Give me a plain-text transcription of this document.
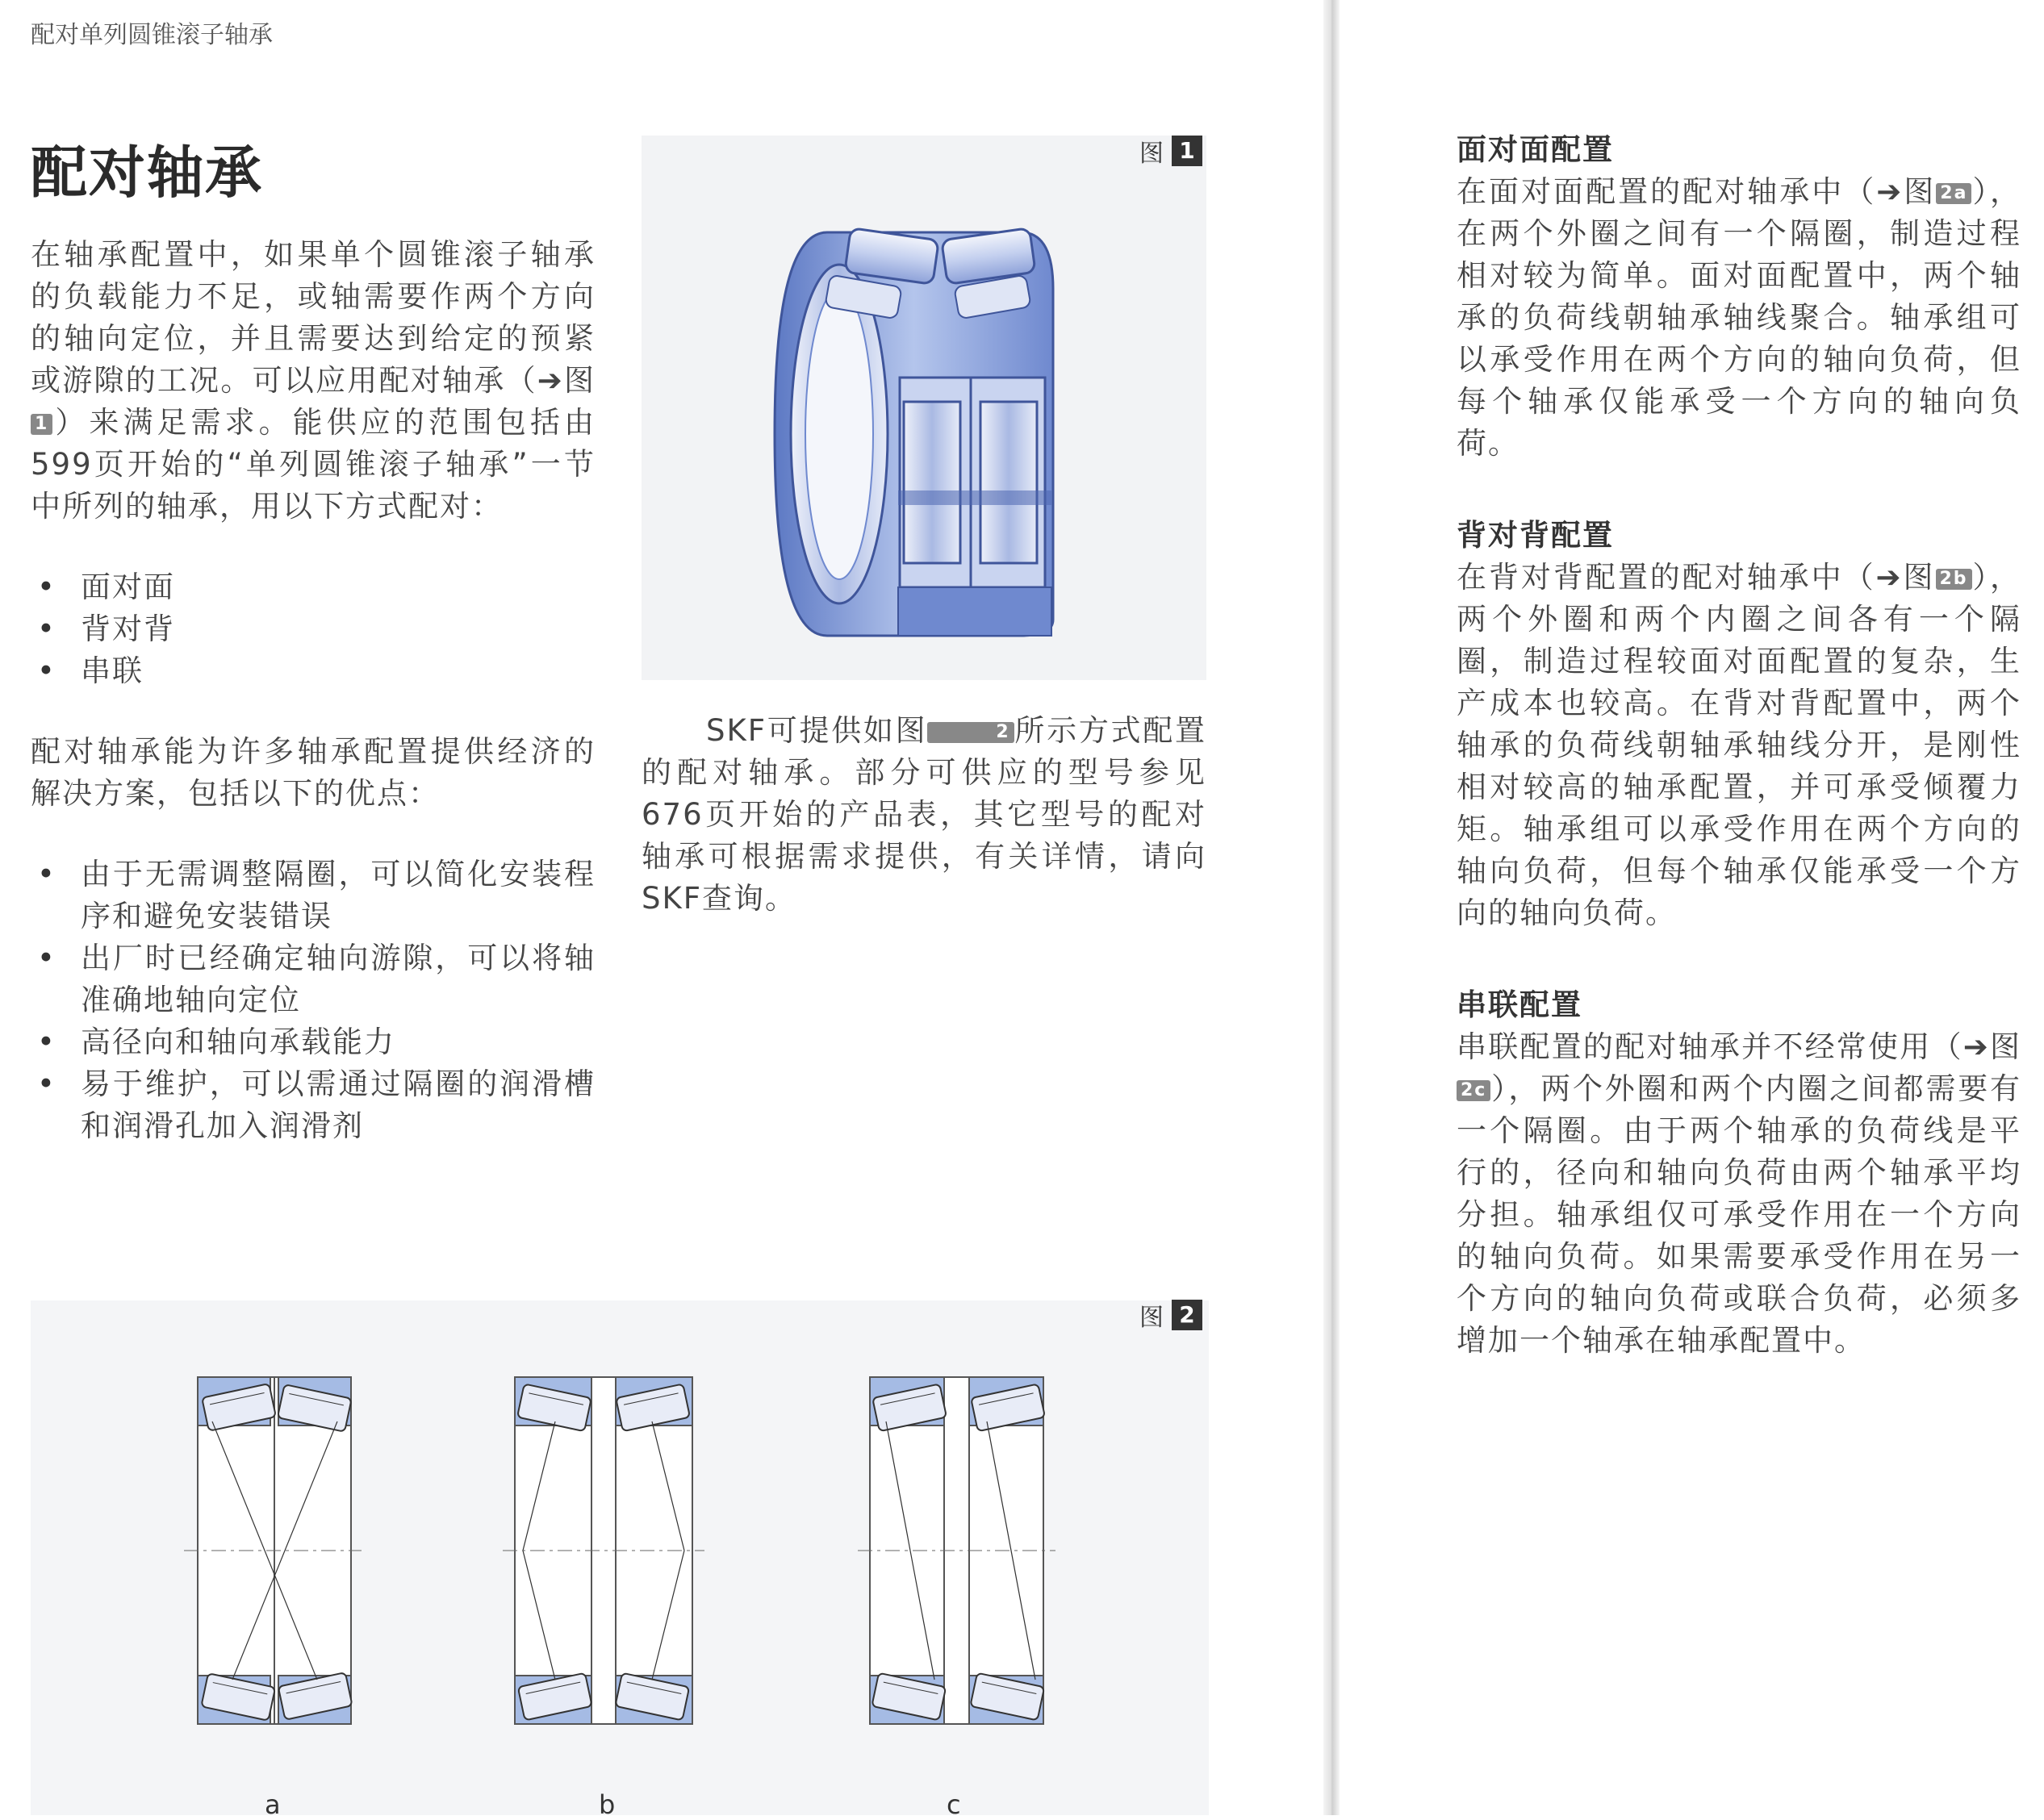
配对单列圆锥滚子轴承
配对轴承

在轴承配置中，如果单个圆锥滚子轴承的负载能力不足，或轴需要作两个方向的轴向定位，并且需要达到给定的预紧或游隙的工况。可以应用配对轴承（➔图1 ）来满足需求。能供应的范围包括由599页开始的“单列圆锥滚子轴承”一节中所列的轴承，用以下方式配对：

• 面对面
• 背对背
• 串联

配对轴承能为许多轴承配置提供经济的解决方案，包括以下的优点：

• 由于无需调整隔圈，可以简化安装程序和避免安装错误
• 出厂时已经确定轴向游隙，可以将轴准确地轴向定位
• 高径向和轴向承载能力
• 易于维护，可以需通过隔圈的润滑槽和润滑孔加入润滑剂
图 1

SKF可提供如图	2 所示方式配置的配对轴承。部分可供应的型号参见676页开始的产品表，其它型号的配对轴承可根据需求提供，有关详情，请向SKF查询。

图 2
a	b	c
面对面配置

在面对面配置的配对轴承中（➔图 2a ），在两个外圈之间有一个隔圈，制造过程相对较为简单。面对面配置中，两个轴承的负荷线朝轴承轴线聚合。轴承组可以承受作用在两个方向的轴向负荷，但每个轴承仅能承受一个方向的轴向负荷。

背对背配置

在背对背配置的配对轴承中（➔图 2b ），两个外圈和两个内圈之间各有一个隔圈，制造过程较面对面配置的复杂，生产成本也较高。在背对背配置中，两个轴承的负荷线朝轴承轴线分开，是刚性相对较高的轴承配置，并可承受倾覆力矩。轴承组可以承受作用在两个方向的轴向负荷，但每个轴承仅能承受一个方向的轴向负荷。

串联配置

串联配置的配对轴承并不经常使用（➔图2c ），两个外圈和两个内圈之间都需要有一个隔圈。由于两个轴承的负荷线是平行的，径向和轴向负荷由两个轴承平均分担。轴承组仅可承受作用在一个方向的轴向负荷。如果需要承受作用在另一个方向的轴向负荷或联合负荷，必须多增加一个轴承在轴承配置中。
